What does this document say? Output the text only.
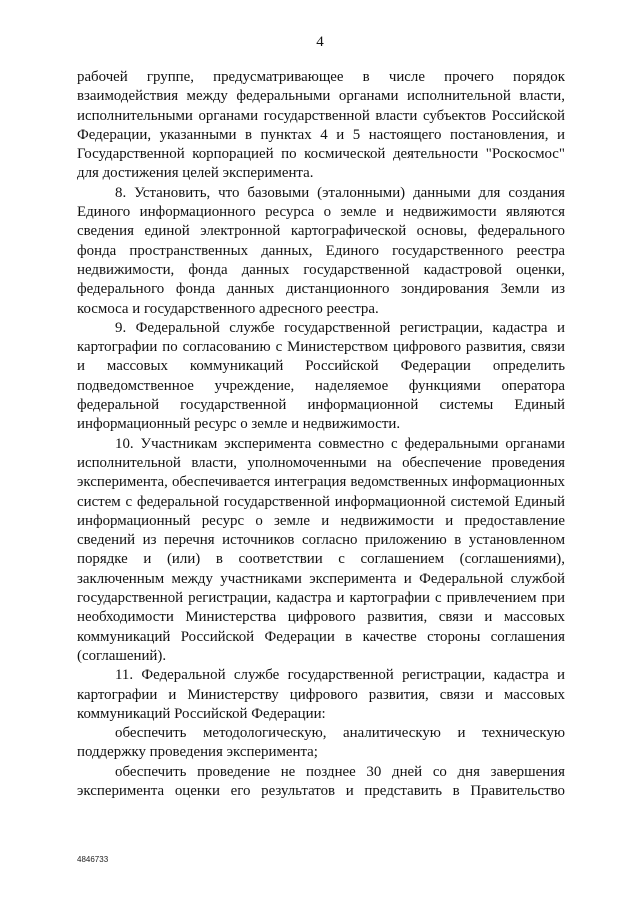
4

рабочей группе, предусматривающее в числе прочего порядок взаимодействия между федеральными органами исполнительной власти, исполнительными органами государственной власти субъектов Российской Федерации, указанными в пунктах 4 и 5 настоящего постановления, и Государственной корпорацией по космической деятельности "Роскосмос" для достижения целей эксперимента.

8. Установить, что базовыми (эталонными) данными для создания Единого информационного ресурса о земле и недвижимости являются сведения единой электронной картографической основы, федерального фонда пространственных данных, Единого государственного реестра недвижимости, фонда данных государственной кадастровой оценки, федерального фонда данных дистанционного зондирования Земли из космоса и государственного адресного реестра.

9. Федеральной службе государственной регистрации, кадастра и картографии по согласованию с Министерством цифрового развития, связи и массовых коммуникаций Российской Федерации определить подведомственное учреждение, наделяемое функциями оператора федеральной государственной информационной системы Единый информационный ресурс о земле и недвижимости.

10. Участникам эксперимента совместно с федеральными органами исполнительной власти, уполномоченными на обеспечение проведения эксперимента, обеспечивается интеграция ведомственных информационных систем с федеральной государственной информационной системой Единый информационный ресурс о земле и недвижимости и предоставление сведений из перечня источников согласно приложению в установленном порядке и (или) в соответствии с соглашением (соглашениями), заключенным между участниками эксперимента и Федеральной службой государственной регистрации, кадастра и картографии с привлечением при необходимости Министерства цифрового развития, связи и массовых коммуникаций Российской Федерации в качестве стороны соглашения (соглашений).

11. Федеральной службе государственной регистрации, кадастра и картографии и Министерству цифрового развития, связи и массовых коммуникаций Российской Федерации:

обеспечить методологическую, аналитическую и техническую поддержку проведения эксперимента;

обеспечить проведение не позднее 30 дней со дня завершения эксперимента оценки его результатов и представить в Правительство

4846733
